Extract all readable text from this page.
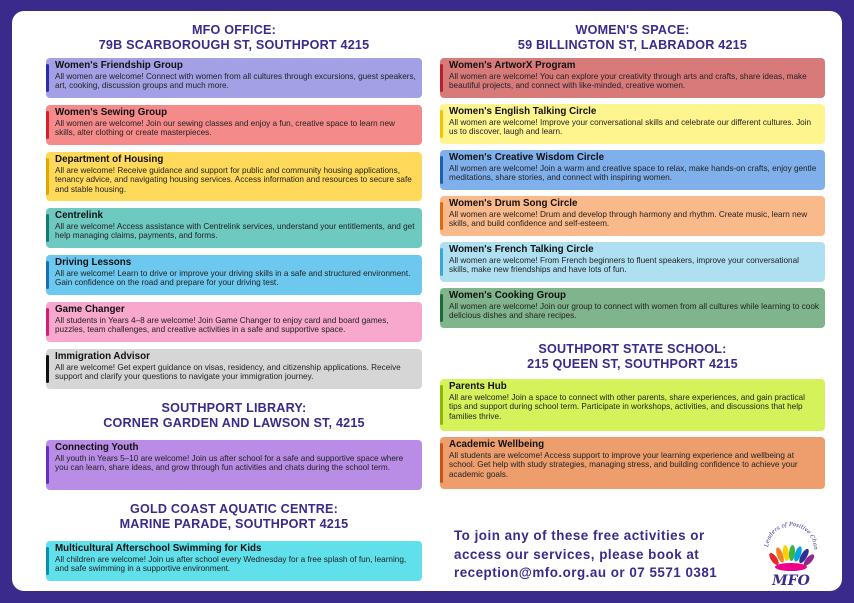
MFO OFFICE:
79B SCARBOROUGH ST, SOUTHPORT 4215
Women's Friendship Group
All women are welcome! Connect with women from all cultures through excursions, guest speakers, art, cooking, discussion groups and much more.
Women's Sewing Group
All women are welcome! Join our sewing classes and enjoy a fun, creative space to learn new skills, alter clothing or create masterpieces.
Department of Housing
All are welcome! Receive guidance and support for public and community housing applications, tenancy advice, and navigating housing services. Access information and resources to secure safe and stable housing.
Centrelink
All are welcome! Access assistance with Centrelink services, understand your entitlements, and get help managing claims, payments, and forms.
Driving Lessons
All are welcome! Learn to drive or improve your driving skills in a safe and structured environment. Gain confidence on the road and prepare for your driving test.
Game Changer
All students in Years 4–8 are welcome! Join Game Changer to enjoy card and board games, puzzles, team challenges, and creative activities in a safe and supportive space.
Immigration Advisor
All are welcome! Get expert guidance on visas, residency, and citizenship applications. Receive support and clarify your questions to navigate your immigration journey.
SOUTHPORT LIBRARY:
CORNER GARDEN AND LAWSON ST, 4215
Connecting Youth
All youth in Years 5–10 are welcome! Join us after school for a safe and supportive space where you can learn, share ideas, and grow through fun activities and chats during the school term.
GOLD COAST AQUATIC CENTRE:
MARINE PARADE, SOUTHPORT 4215
Multicultural Afterschool Swimming for Kids
All children are welcome! Join us after school every Wednesday for a free splash of fun, learning, and safe swimming in a supportive environment.
WOMEN'S SPACE:
59 BILLINGTON ST, LABRADOR 4215
Women's ArtworX Program
All women are welcome! You can explore your creativity through arts and crafts, share ideas, make beautiful projects, and connect with like-minded, creative women.
Women's English Talking Circle
All women are welcome! Improve your conversational skills and celebrate our different cultures. Join us to discover, laugh and learn.
Women's Creative Wisdom Circle
All women are welcome! Join a warm and creative space to relax, make hands-on crafts, enjoy gentle meditations, share stories, and connect with inspiring women.
Women's Drum Song Circle
All women are welcome! Drum and develop through harmony and rhythm. Create music, learn new skills, and build confidence and self-esteem.
Women's French Talking Circle
All women are welcome! From French beginners to fluent speakers, improve your conversational skills, make new friendships and have lots of fun.
Women's Cooking Group
All women are welcome! Join our group to connect with women from all cultures while learning to cook delicious dishes and share recipes.
SOUTHPORT STATE SCHOOL:
215 QUEEN ST, SOUTHPORT 4215
Parents Hub
All are welcome! Join a space to connect with other parents, share experiences, and gain practical tips and support during school term. Participate in workshops, activities, and discussions that help families thrive.
Academic Wellbeing
All students are welcome! Access support to improve your learning experience and wellbeing at school. Get help with study strategies, managing stress, and building confidence to achieve your academic goals.
To join any of these free activities or
access our services, please book at
reception@mfo.org.au or 07 5571 0381
Leaders of Positive Chan
MFO
